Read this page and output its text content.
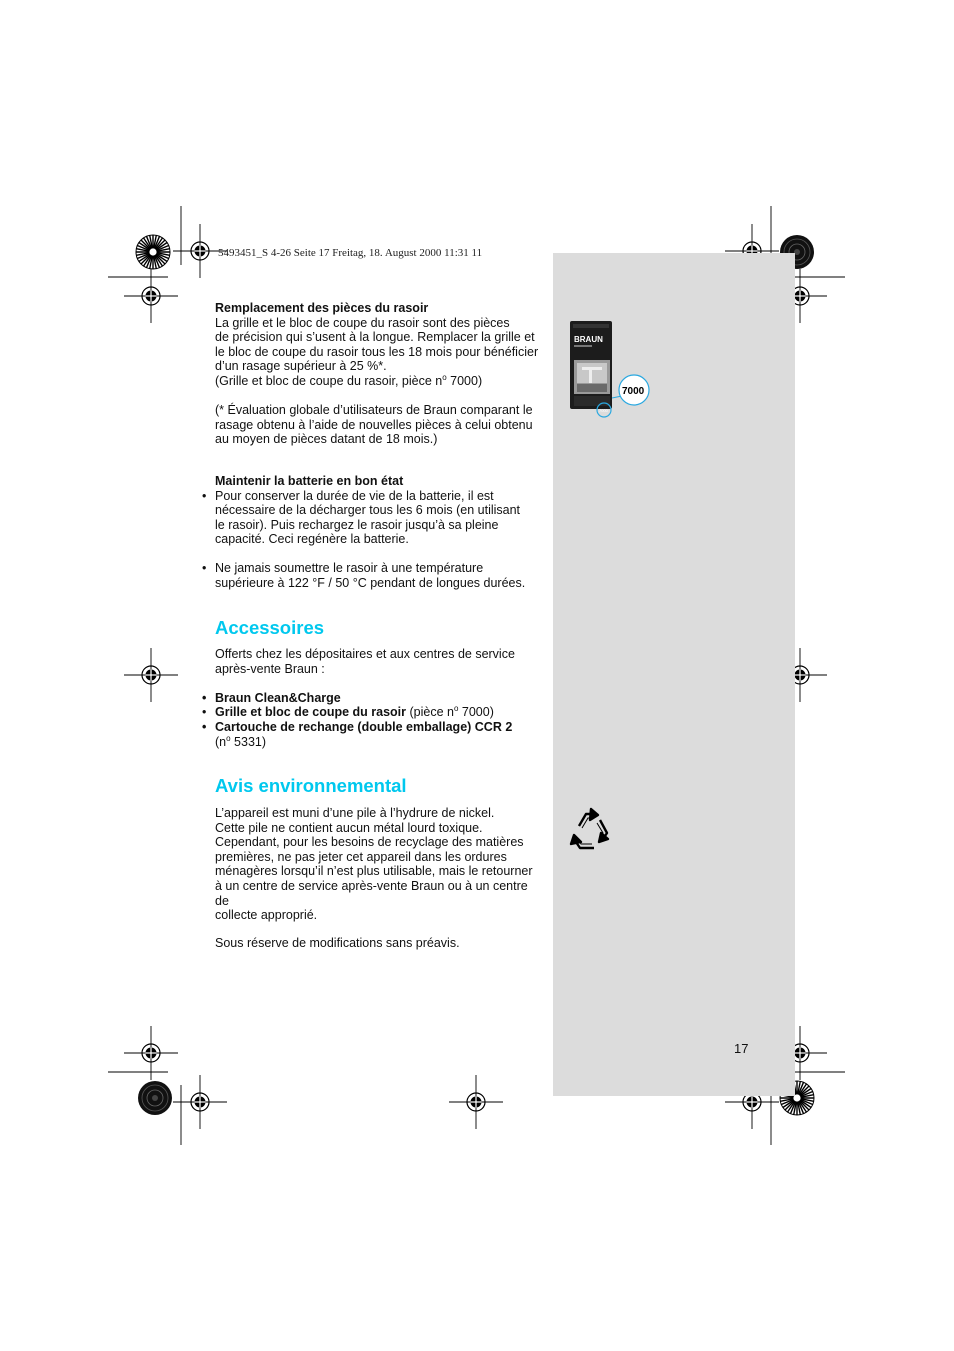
5493451_S 4-26 Seite 17 Freitag, 18. August 2000 11:31 11
BRAUN
7000
7000

Remplacement des pièces du rasoir

La grille et le bloc de coupe du rasoir sont des pièces

de précision qui s’usent à la longue. Remplacer la grille et

le bloc de coupe du rasoir tous les 18 mois pour bénéficier

d’un rasage supérieur à 25 %*.

(Grille et bloc de coupe du rasoir, pièce $n^o$ 7000)

(* Évaluation globale d’utilisateurs de Braun comparant le

rasage obtenu à l’aide de nouvelles pièces à celui obtenu

au moyen de pièces datant de 18 mois.)

Maintenir la batterie en bon état

• Pour conserver la durée de vie de la batterie, il est

nécessaire de la décharger tous les 6 mois (en utilisant

le rasoir). Puis rechargez le rasoir jusqu’à sa pleine

capacité. Ceci regénère la batterie.

• Ne jamais soumettre le rasoir à une température

supérieure à 122 °F / 50 °C pendant de longues durées.

Accessoires

Offerts chez les dépositaires et aux centres de service

après-vente Braun :

• Braun Clean&Charge

• Grille et bloc de coupe du rasoir (pièce $n^o$ 7000)

• Cartouche de rechange (double emballage) CCR 2

($n^o$ 5331)

Avis environnemental

L’appareil est muni d’une pile à l’hydrure de nickel.

Cette pile ne contient aucun métal lourd toxique.

Cependant, pour les besoins de recyclage des matières

premières, ne pas jeter cet appareil dans les ordures

ménagères lorsqu’il n’est plus utilisable, mais le retourner

à un centre de service après-vente Braun ou à un centre de

collecte approprié.

Sous réserve de modifications sans préavis.
17
